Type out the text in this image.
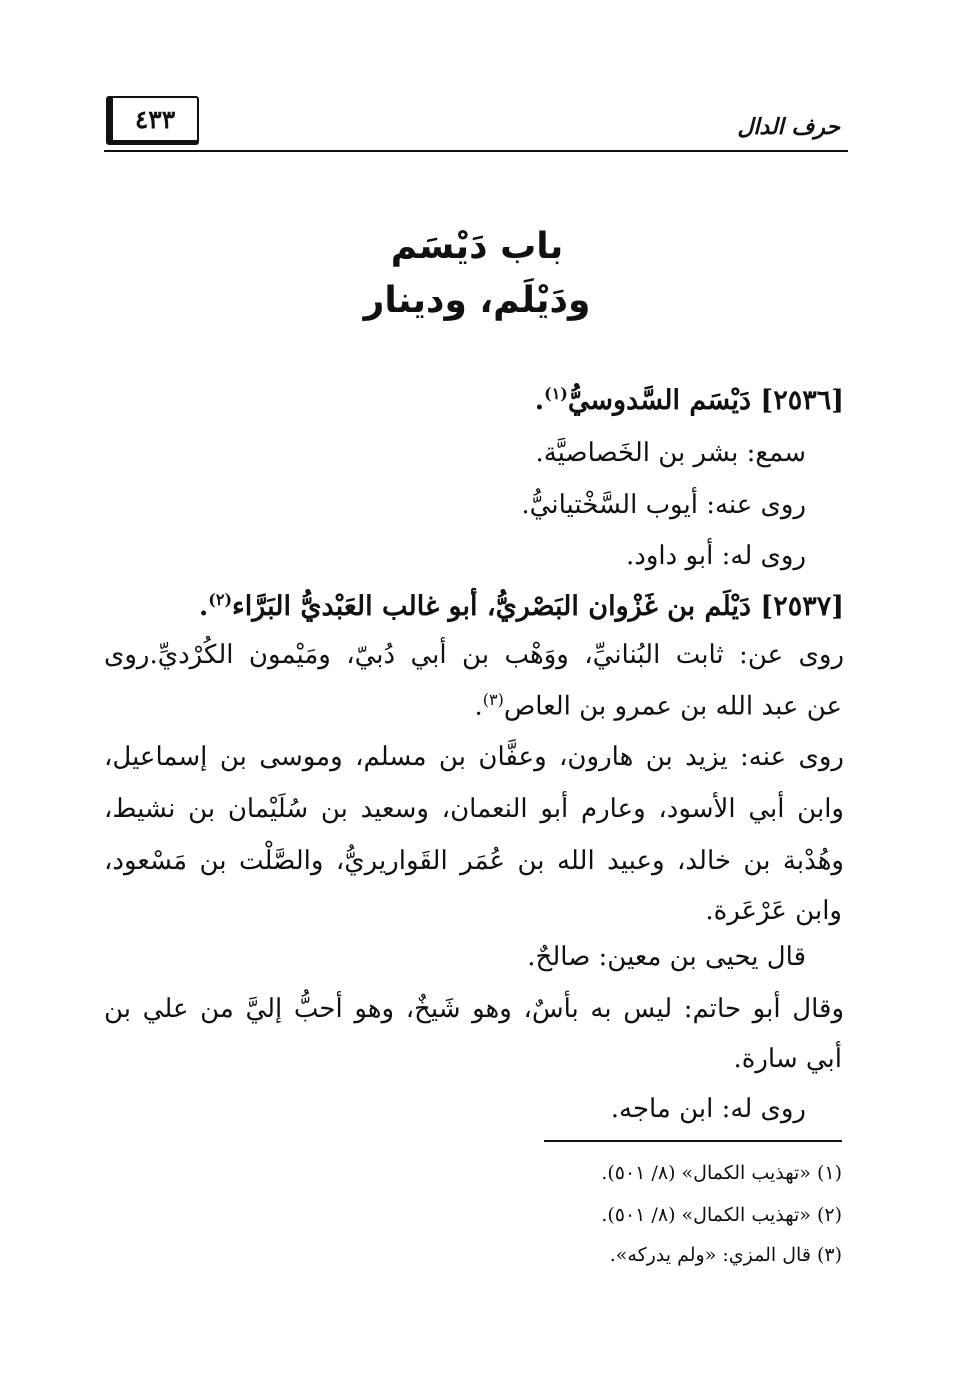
٤٣٣	حرف الدال
باب دَيْسَم
ودَيْلَم، ودينار
[٢٥٣٦] دَيْسَم السَّدوسيُّ$^{(١)}$.
سمع: بشر بن الخَصاصيَّة.
روى عنه: أيوب السَّخْتيانيُّ.
روى له: أبو داود.
[٢٥٣٧] دَيْلَم بن غَزْوان البَصْريُّ، أبو غالب العَبْديُّ البَرَّاء$^{(٢)}$.
روى عن: ثابت البُنانيِّ، ووَهْب بن أبي دُبيّ، ومَيْمون الكُرْديِّ.روى
عن عبد الله بن عمرو بن العاص$^{(٣)}$.
روى عنه: يزيد بن هارون، وعفَّان بن مسلم، وموسى بن إسماعيل،
وابن أبي الأسود، وعارم أبو النعمان، وسعيد بن سُلَيْمان بن نشيط،
وهُدْبة بن خالد، وعبيد الله بن عُمَر القَواريريُّ، والصَّلْت بن مَسْعود،
وابن عَرْعَرة.
قال يحيى بن معين: صالحٌ.
وقال أبو حاتم: ليس به بأسٌ، وهو شَيخٌ، وهو أحبُّ إليَّ من علي بن
أبي سارة.
روى له: ابن ماجه.
(١) «تهذيب الكمال» (٨/ ٥٠١).
(٢) «تهذيب الكمال» (٨/ ٥٠١).
(٣) قال المزي: «ولم يدركه».
